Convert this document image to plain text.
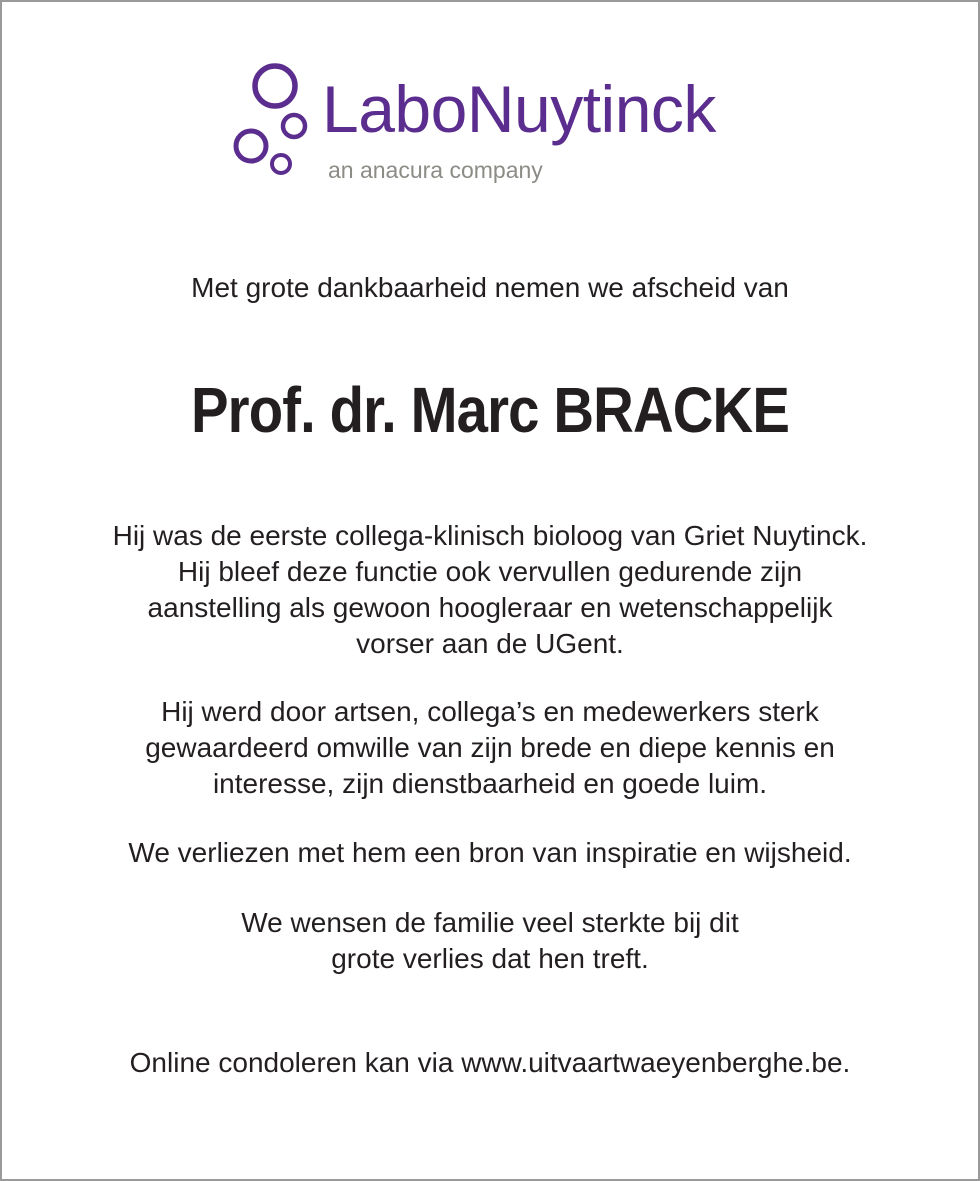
LaboNuytinck
an anacura company
Met grote dankbaarheid nemen we afscheid van
Prof. dr. Marc BRACKE
Hij was de eerste collega-klinisch bioloog van Griet Nuytinck.
Hij bleef deze functie ook vervullen gedurende zijn
aanstelling als gewoon hoogleraar en wetenschappelijk
vorser aan de UGent.
Hij werd door artsen, collega’s en medewerkers sterk
gewaardeerd omwille van zijn brede en diepe kennis en
interesse, zijn dienstbaarheid en goede luim.
We verliezen met hem een bron van inspiratie en wijsheid.
We wensen de familie veel sterkte bij dit
grote verlies dat hen treft.
Online condoleren kan via www.uitvaartwaeyenberghe.be.
